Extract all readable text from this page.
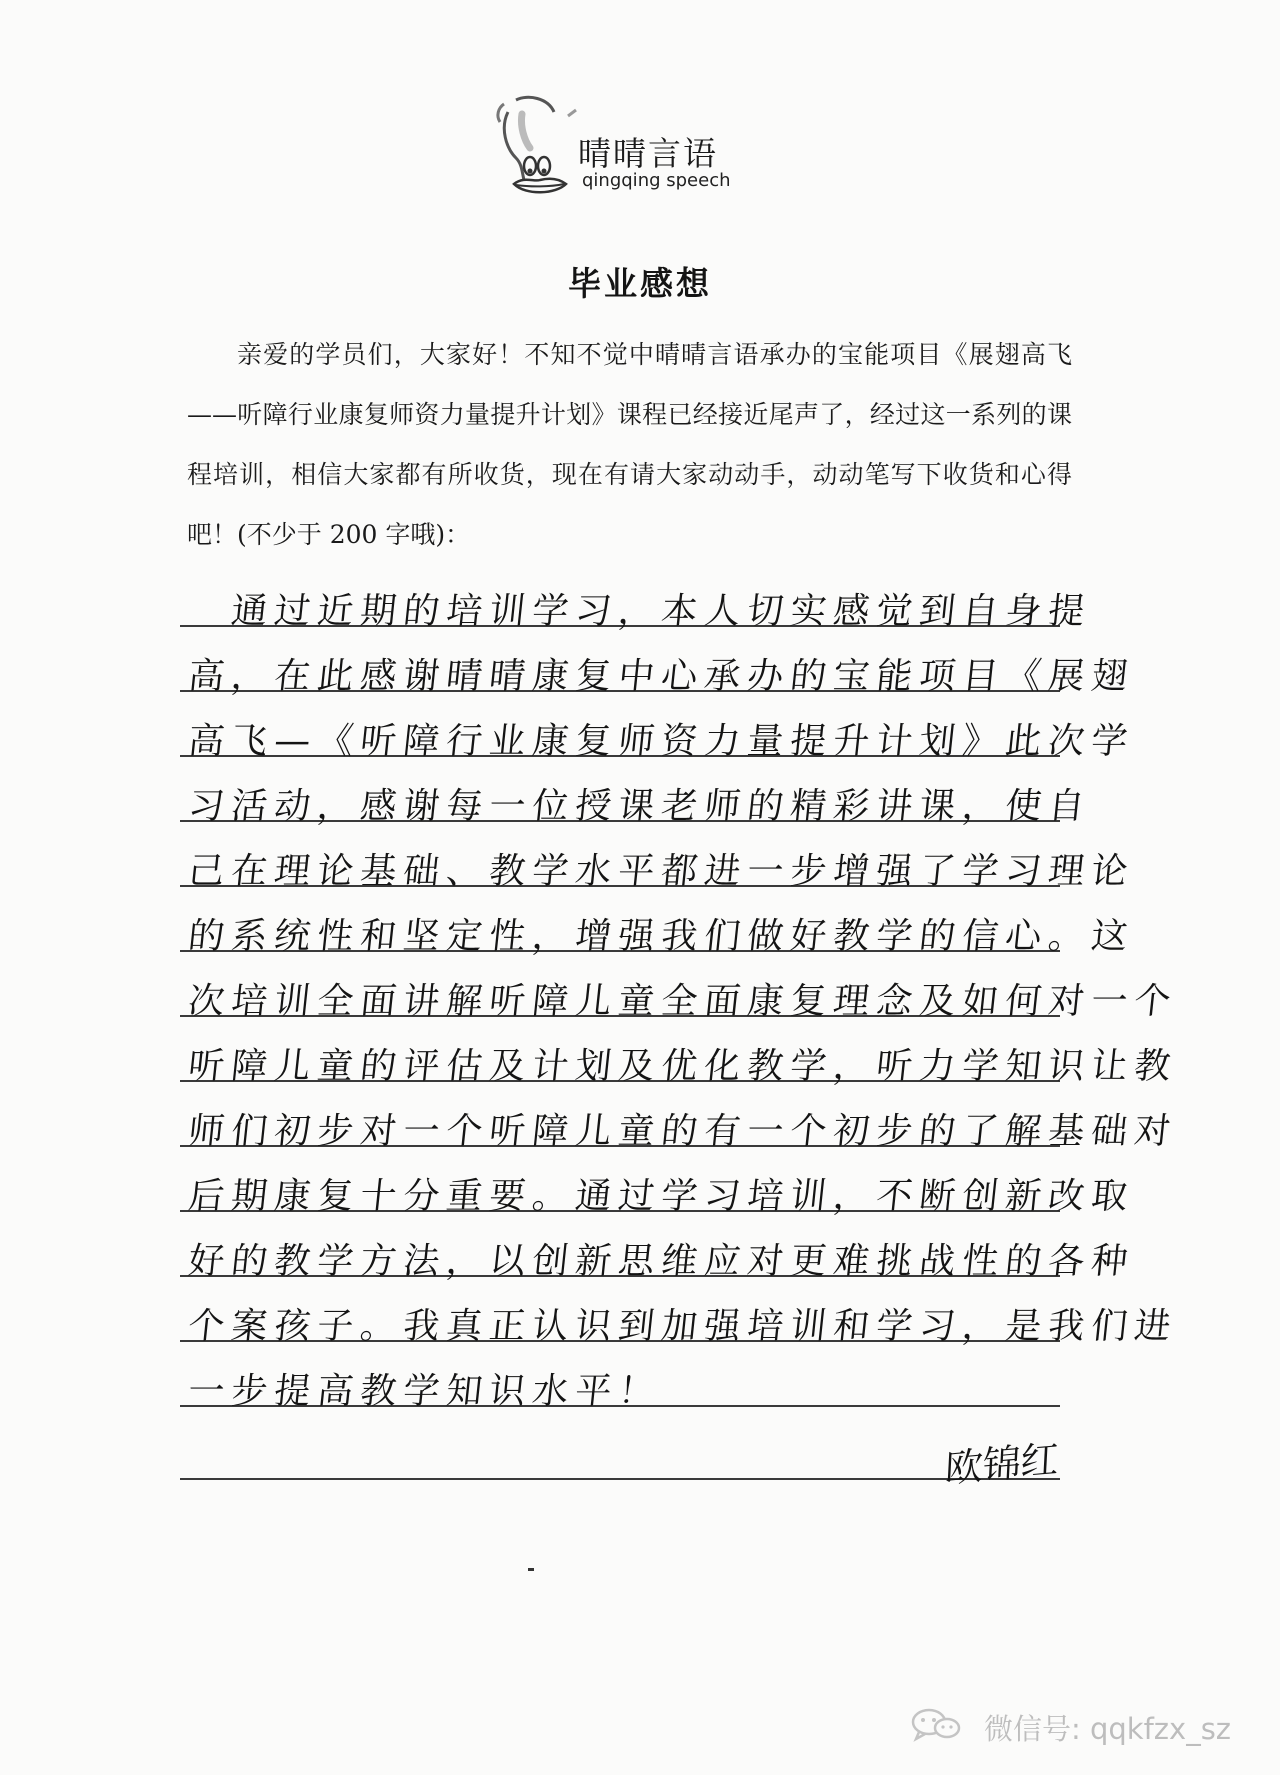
晴晴言语
qingqing speech
毕业感想
亲爱的学员们，大家好！不知不觉中晴晴言语承办的宝能项目《展翅高飞——听障行业康复师资力量提升计划》课程已经接近尾声了，经过这一系列的课程培训，相信大家都有所收货，现在有请大家动动手，动动笔写下收货和心得吧！(不少于 200 字哦)：
　通过近期的培训学习，本人切实感觉到自身提
高，在此感谢晴晴康复中心承办的宝能项目《展翅
高飞—《听障行业康复师资力量提升计划》此次学
习活动，感谢每一位授课老师的精彩讲课，使自
己在理论基础、教学水平都进一步增强了学习理论
的系统性和坚定性，增强我们做好教学的信心。这
次培训全面讲解听障儿童全面康复理念及如何对一个
听障儿童的评估及计划及优化教学，听力学知识让教
师们初步对一个听障儿童的有一个初步的了解基础对
后期康复十分重要。通过学习培训，不断创新改取
好的教学方法，以创新思维应对更难挑战性的各种
个案孩子。我真正认识到加强培训和学习，是我们进
一步提高教学知识水平！
欧锦红
微信号: qqkfzx_sz
